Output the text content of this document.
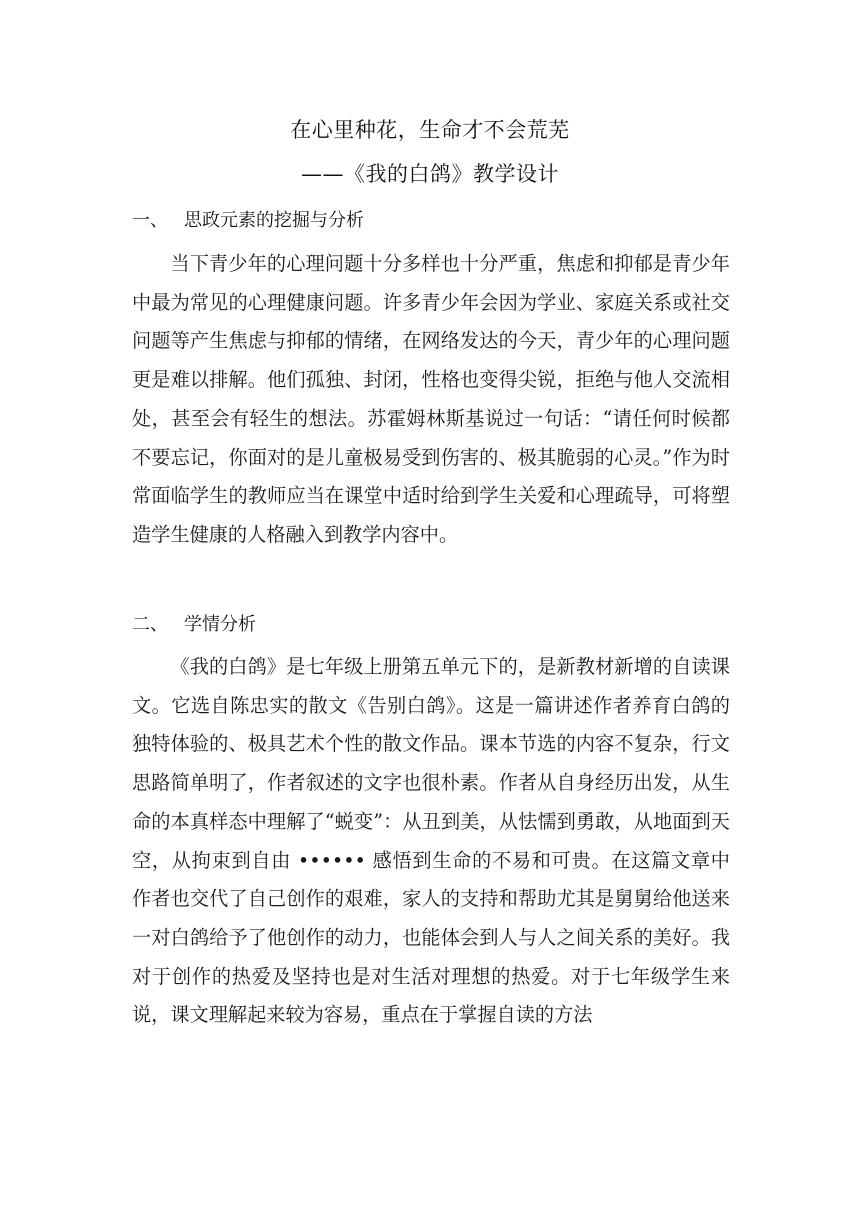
在心里种花，生命才不会荒芜
——《我的白鸽》教学设计
一、 思政元素的挖掘与分析
当下青少年的心理问题十分多样也十分严重，焦虑和抑郁是青少年中最为常见的心理健康问题。许多青少年会因为学业、家庭关系或社交问题等产生焦虑与抑郁的情绪，在网络发达的今天，青少年的心理问题更是难以排解。他们孤独、封闭，性格也变得尖锐，拒绝与他人交流相处，甚至会有轻生的想法。苏霍姆林斯基说过一句话：“请任何时候都不要忘记，你面对的是儿童极易受到伤害的、极其脆弱的心灵。”作为时常面临学生的教师应当在课堂中适时给到学生关爱和心理疏导，可将塑造学生健康的人格融入到教学内容中。
二、 学情分析
《我的白鸽》是七年级上册第五单元下的，是新教材新增的自读课文。它选自陈忠实的散文《告别白鸽》。这是一篇讲述作者养育白鸽的独特体验的、极具艺术个性的散文作品。课本节选的内容不复杂，行文思路简单明了，作者叙述的文字也很朴素。作者从自身经历出发，从生命的本真样态中理解了“蜕变”：从丑到美，从怯懦到勇敢，从地面到天空，从拘束到自由 •••••• 感悟到生命的不易和可贵。在这篇文章中作者也交代了自己创作的艰难，家人的支持和帮助尤其是舅舅给他送来一对白鸽给予了他创作的动力，也能体会到人与人之间关系的美好。我对于创作的热爱及坚持也是对生活对理想的热爱。对于七年级学生来说，课文理解起来较为容易，重点在于掌握自读的方法
